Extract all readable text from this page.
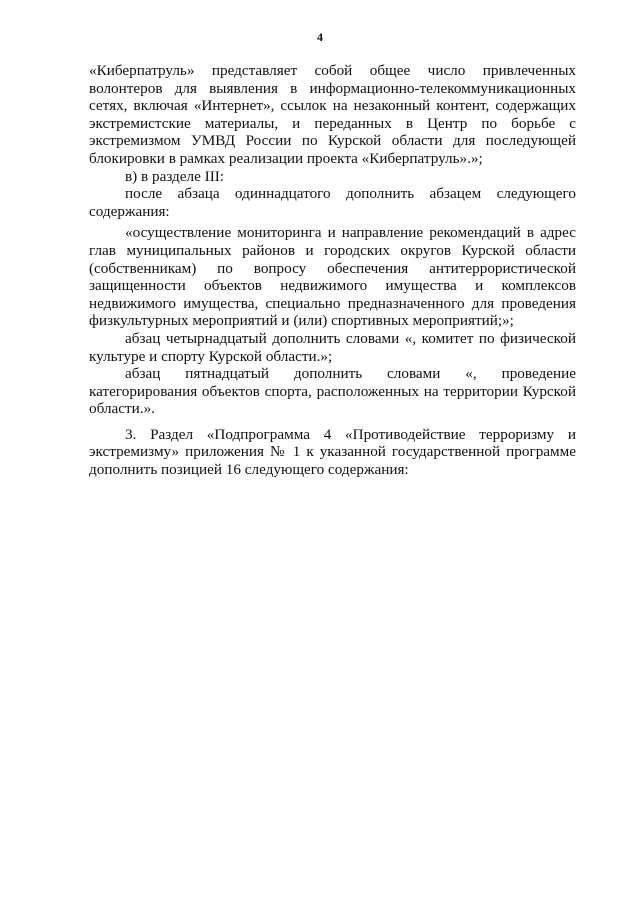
4

«Киберпатруль» представляет собой общее число привлеченных волонтеров для выявления в информационно-телекоммуникационных сетях, включая «Интернет», ссылок на незаконный контент, содержащих экстремистские материалы, и переданных в Центр по борьбе с экстремизмом УМВД России по Курской области для последующей блокировки в рамках реализации проекта «Киберпатруль».»;

в) в разделе III:

после абзаца одиннадцатого дополнить абзацем следующего содержания:

«осуществление мониторинга и направление рекомендаций в адрес глав муниципальных районов и городских округов Курской области (собственникам) по вопросу обеспечения антитеррористической защищенности объектов недвижимого имущества и комплексов недвижимого имущества, специально предназначенного для проведения физкультурных мероприятий и (или) спортивных мероприятий;»;

абзац четырнадцатый дополнить словами «, комитет по физической культуре и спорту Курской области.»;

абзац пятнадцатый дополнить словами «, проведение категорирования объектов спорта, расположенных на территории Курской области.».

3. Раздел «Подпрограмма 4 «Противодействие терроризму и экстремизму» приложения № 1 к указанной государственной программе дополнить позицией 16 следующего содержания:
